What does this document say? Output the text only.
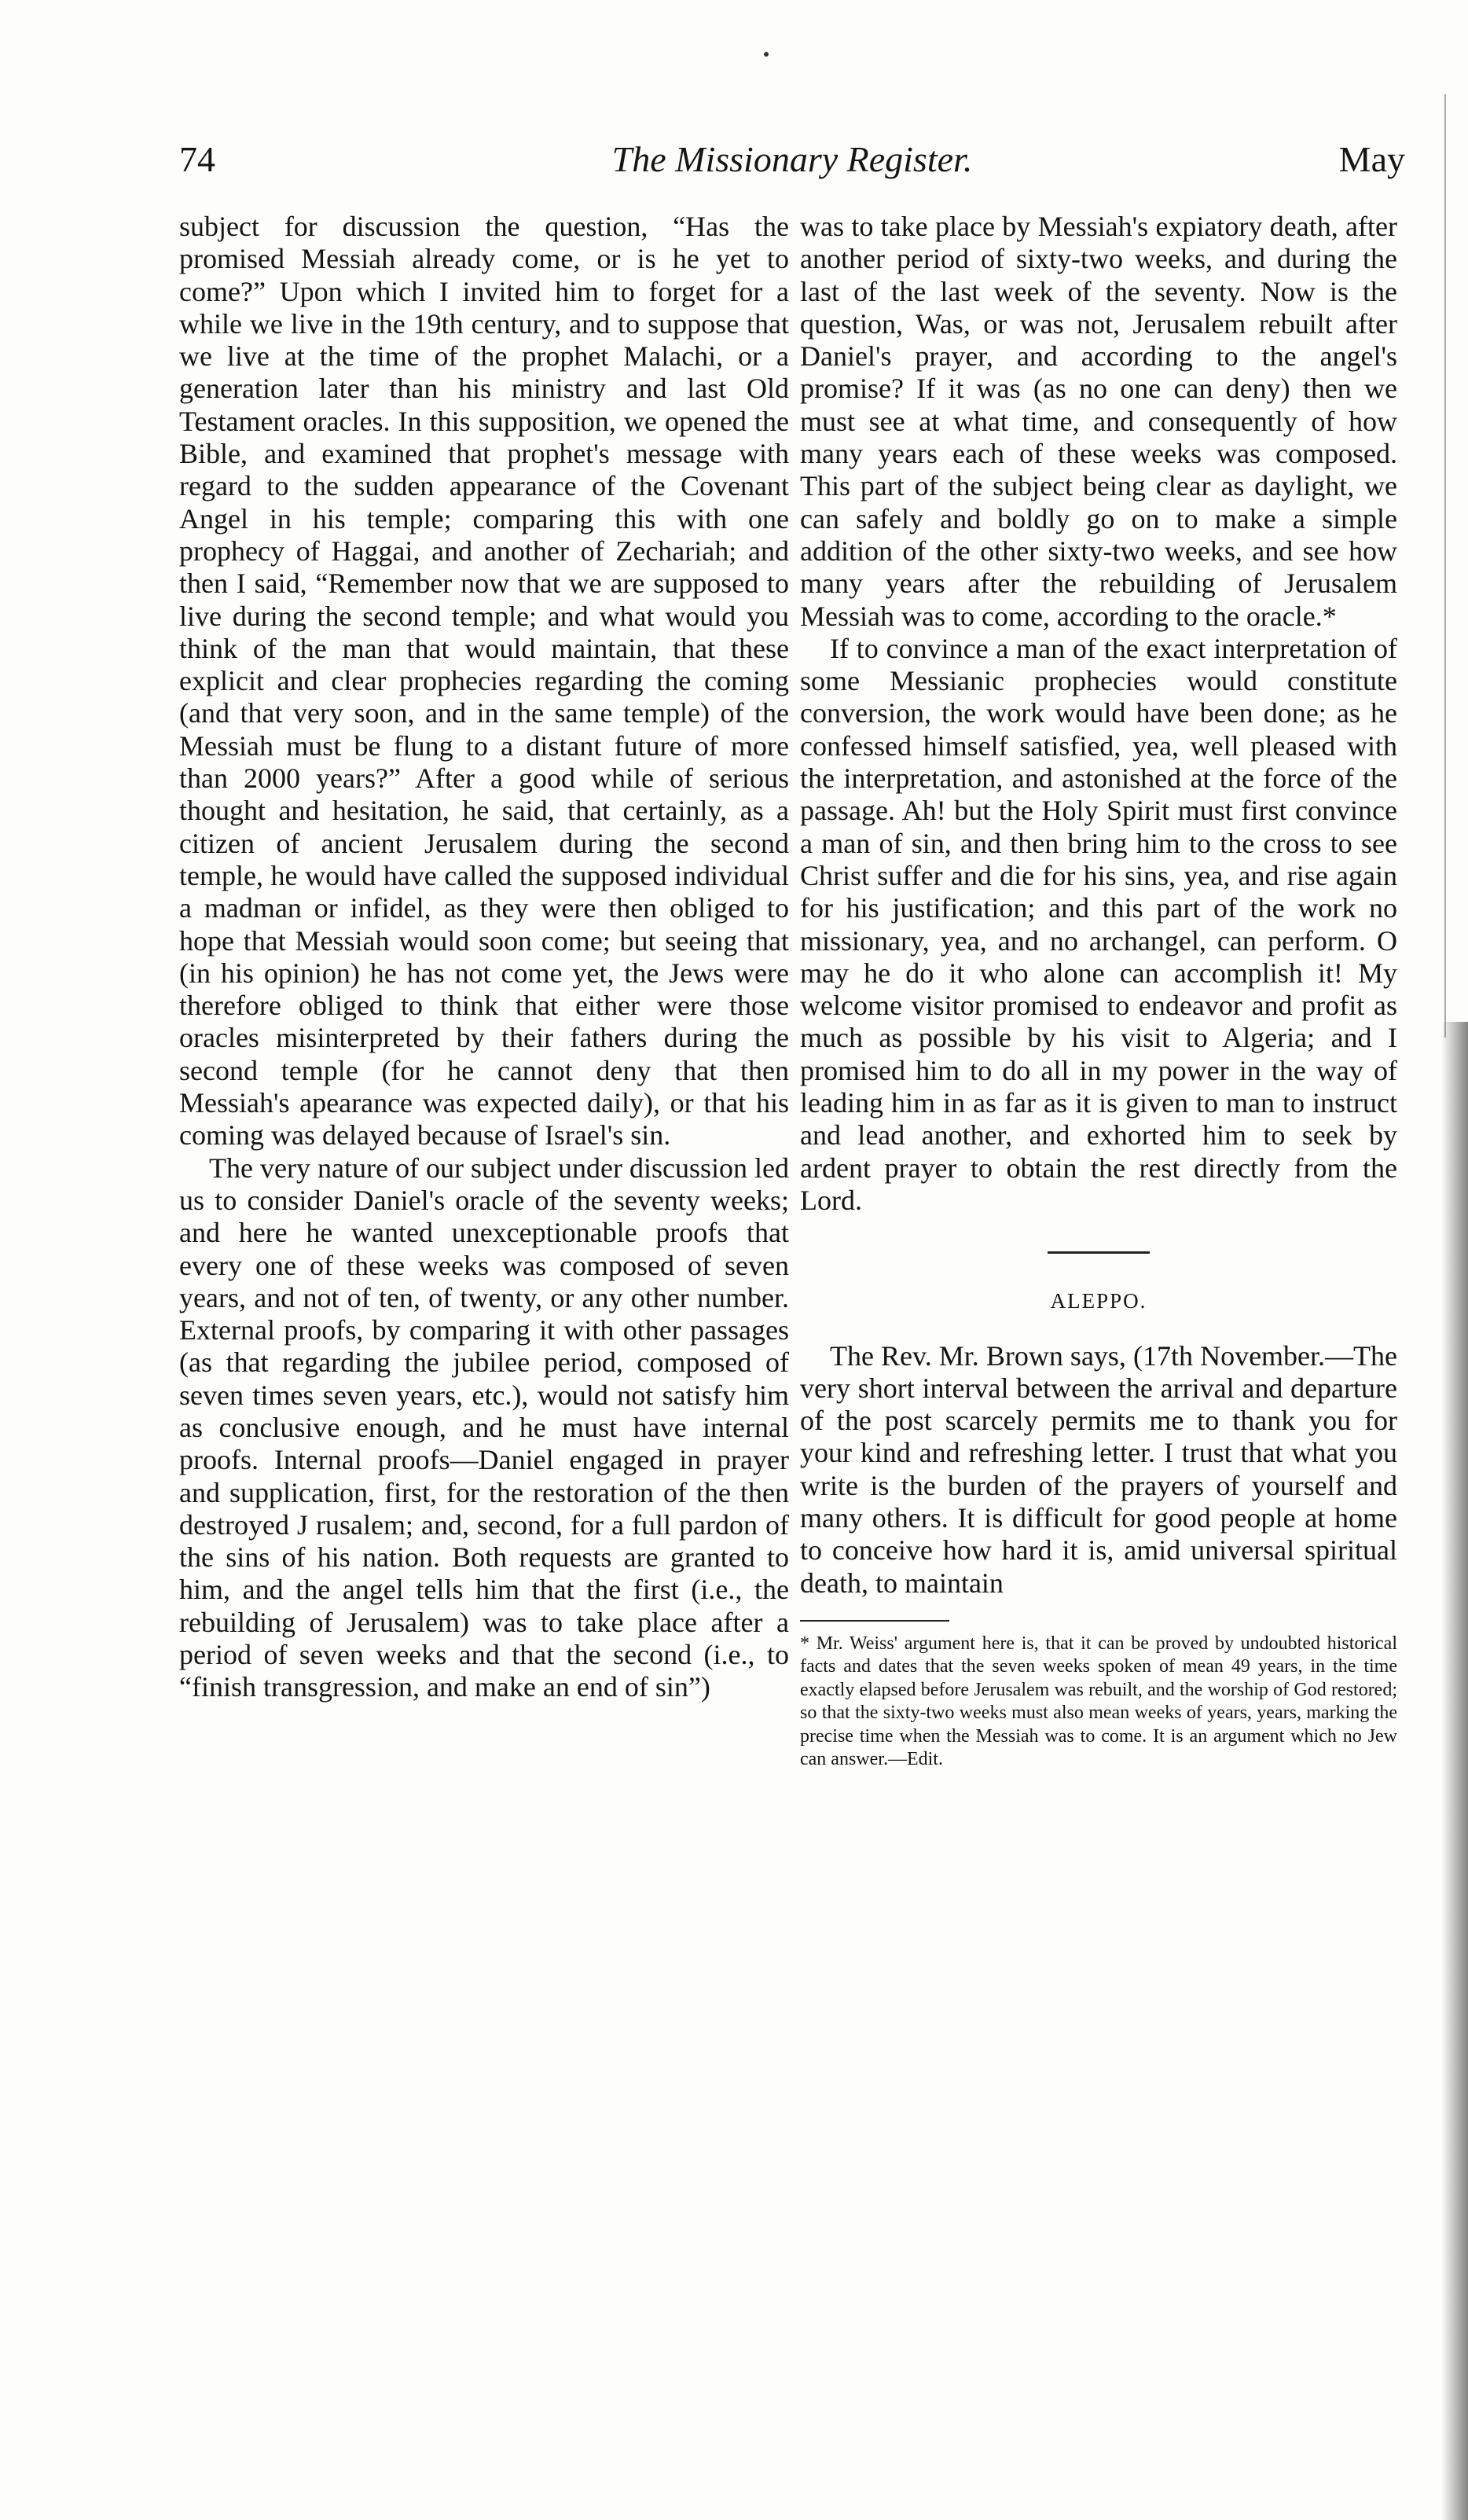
74	The Missionary Register.	May

subject for discussion the question, “Has the promised Messiah already come, or is he yet to come?” Upon which I invited him to forget for a while we live in the 19th century, and to suppose that we live at the time of the prophet Malachi, or a generation later than his ministry and last Old Testament oracles. In this supposition, we opened the Bible, and examined that prophet's message with regard to the sudden appearance of the Covenant Angel in his temple; comparing this with one prophecy of Haggai, and another of Zechariah; and then I said, “Remember now that we are supposed to live during the second temple; and what would you think of the man that would maintain, that these explicit and clear prophecies regarding the coming (and that very soon, and in the same temple) of the Messiah must be flung to a distant future of more than 2000 years?” After a good while of serious thought and hesitation, he said, that certainly, as a citizen of ancient Jerusalem during the second temple, he would have called the supposed individual a madman or infidel, as they were then obliged to hope that Messiah would soon come; but seeing that (in his opinion) he has not come yet, the Jews were therefore obliged to think that either were those oracles misinterpreted by their fathers during the second temple (for he cannot deny that then Messiah's apearance was expected daily), or that his coming was delayed because of Israel's sin.

The very nature of our subject under discussion led us to consider Daniel's oracle of the seventy weeks; and here he wanted unexceptionable proofs that every one of these weeks was composed of seven years, and not of ten, of twenty, or any other number. External proofs, by comparing it with other passages (as that regarding the jubilee period, composed of seven times seven years, etc.), would not satisfy him as conclusive enough, and he must have internal proofs. Internal proofs—Daniel engaged in prayer and supplication, first, for the restoration of the then destroyed J rusalem; and, second, for a full pardon of the sins of his nation. Both requests are granted to him, and the angel tells him that the first (i.e., the rebuilding of Jerusalem) was to take place after a period of seven weeks and that the second (i.e., to “finish transgression, and make an end of sin”)

was to take place by Messiah's expiatory death, after another period of sixty-two weeks, and during the last of the last week of the seventy. Now is the question, Was, or was not, Jerusalem rebuilt after Daniel's prayer, and according to the angel's promise? If it was (as no one can deny) then we must see at what time, and consequently of how many years each of these weeks was composed. This part of the subject being clear as daylight, we can safely and boldly go on to make a simple addition of the other sixty-two weeks, and see how many years after the rebuilding of Jerusalem Messiah was to come, according to the oracle.*

If to convince a man of the exact interpretation of some Messianic prophecies would constitute conversion, the work would have been done; as he confessed himself satisfied, yea, well pleased with the interpretation, and astonished at the force of the passage. Ah! but the Holy Spirit must first convince a man of sin, and then bring him to the cross to see Christ suffer and die for his sins, yea, and rise again for his justification; and this part of the work no missionary, yea, and no archangel, can perform. O may he do it who alone can accomplish it! My welcome visitor promised to endeavor and profit as much as possible by his visit to Algeria; and I promised him to do all in my power in the way of leading him in as far as it is given to man to instruct and lead another, and exhorted him to seek by ardent prayer to obtain the rest directly from the Lord.

ALEPPO.

The Rev. Mr. Brown says, (17th November.—The very short interval between the arrival and departure of the post scarcely permits me to thank you for your kind and refreshing letter. I trust that what you write is the burden of the prayers of yourself and many others. It is difficult for good people at home to conceive how hard it is, amid universal spiritual death, to maintain

* Mr. Weiss' argument here is, that it can be proved by undoubted historical facts and dates that the seven weeks spoken of mean 49 years, in the time exactly elapsed before Jerusalem was rebuilt, and the worship of God restored; so that the sixty-two weeks must also mean weeks of years, years, marking the precise time when the Messiah was to come. It is an argument which no Jew can answer.—Edit.
